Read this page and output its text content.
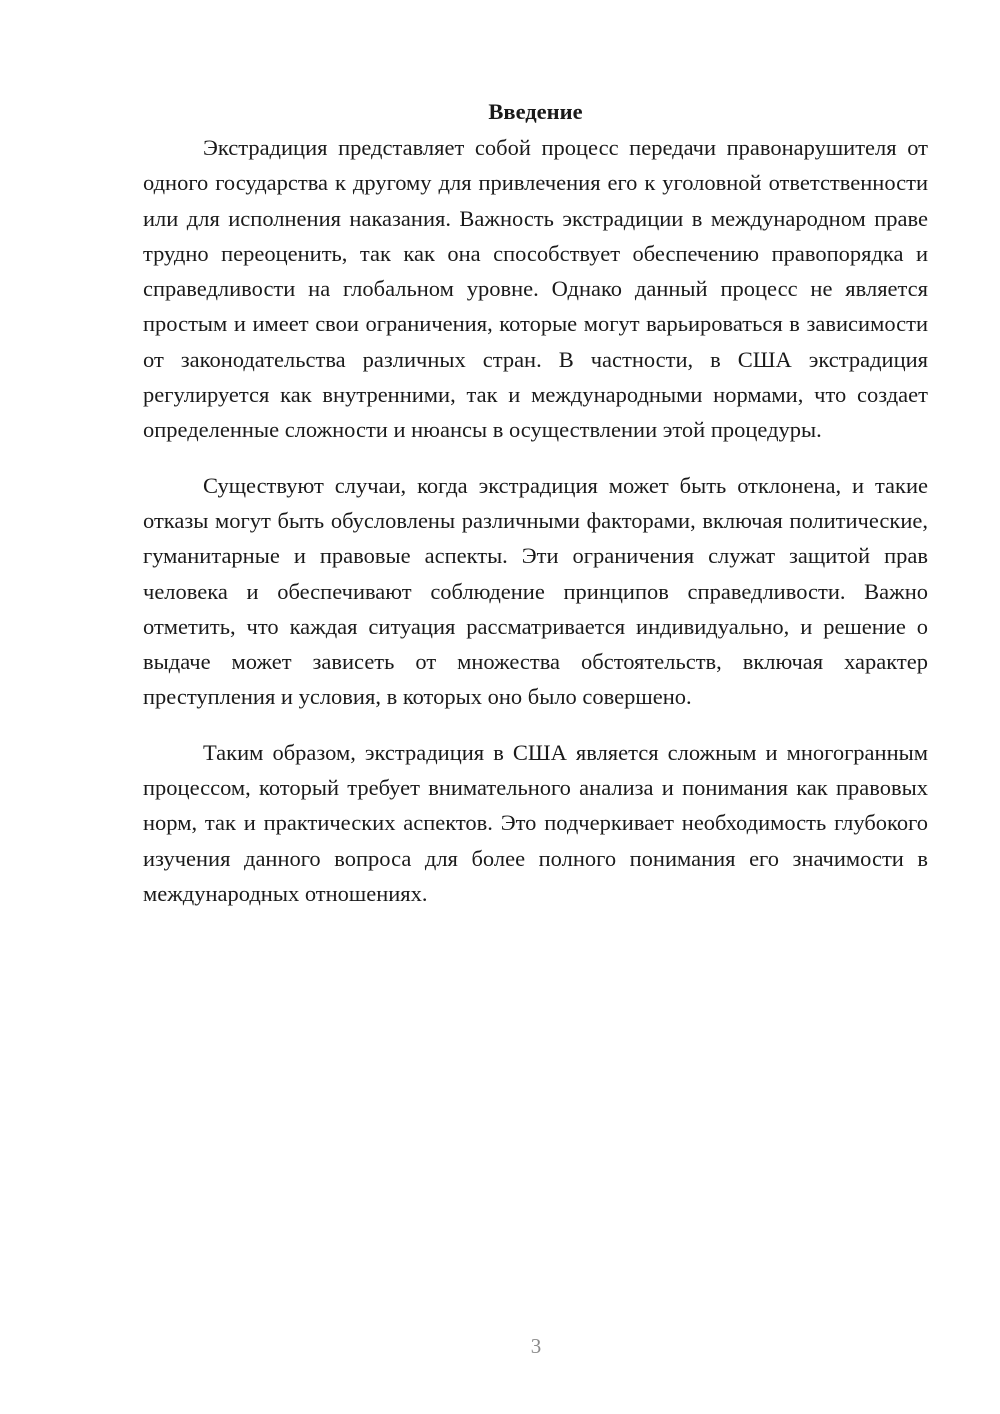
Введение

Экстрадиция представляет собой процесс передачи правонарушителя от одного государства к другому для привлечения его к уголовной ответственности или для исполнения наказания. Важность экстрадиции в международном праве трудно переоценить, так как она способствует обеспечению правопорядка и справедливости на глобальном уровне. Однако данный процесс не является простым и имеет свои ограничения, которые могут варьироваться в зависимости от законодательства различных стран. В частности, в США экстрадиция регулируется как внутренними, так и международными нормами, что создает определенные сложности и нюансы в осуществлении этой процедуры.

Существуют случаи, когда экстрадиция может быть отклонена, и такие отказы могут быть обусловлены различными факторами, включая политические, гуманитарные и правовые аспекты. Эти ограничения служат защитой прав человека и обеспечивают соблюдение принципов справедливости. Важно отметить, что каждая ситуация рассматривается индивидуально, и решение о выдаче может зависеть от множества обстоятельств, включая характер преступления и условия, в которых оно было совершено.

Таким образом, экстрадиция в США является сложным и многогранным процессом, который требует внимательного анализа и понимания как правовых норм, так и практических аспектов. Это подчеркивает необходимость глубокого изучения данного вопроса для более полного понимания его значимости в международных отношениях.

3
